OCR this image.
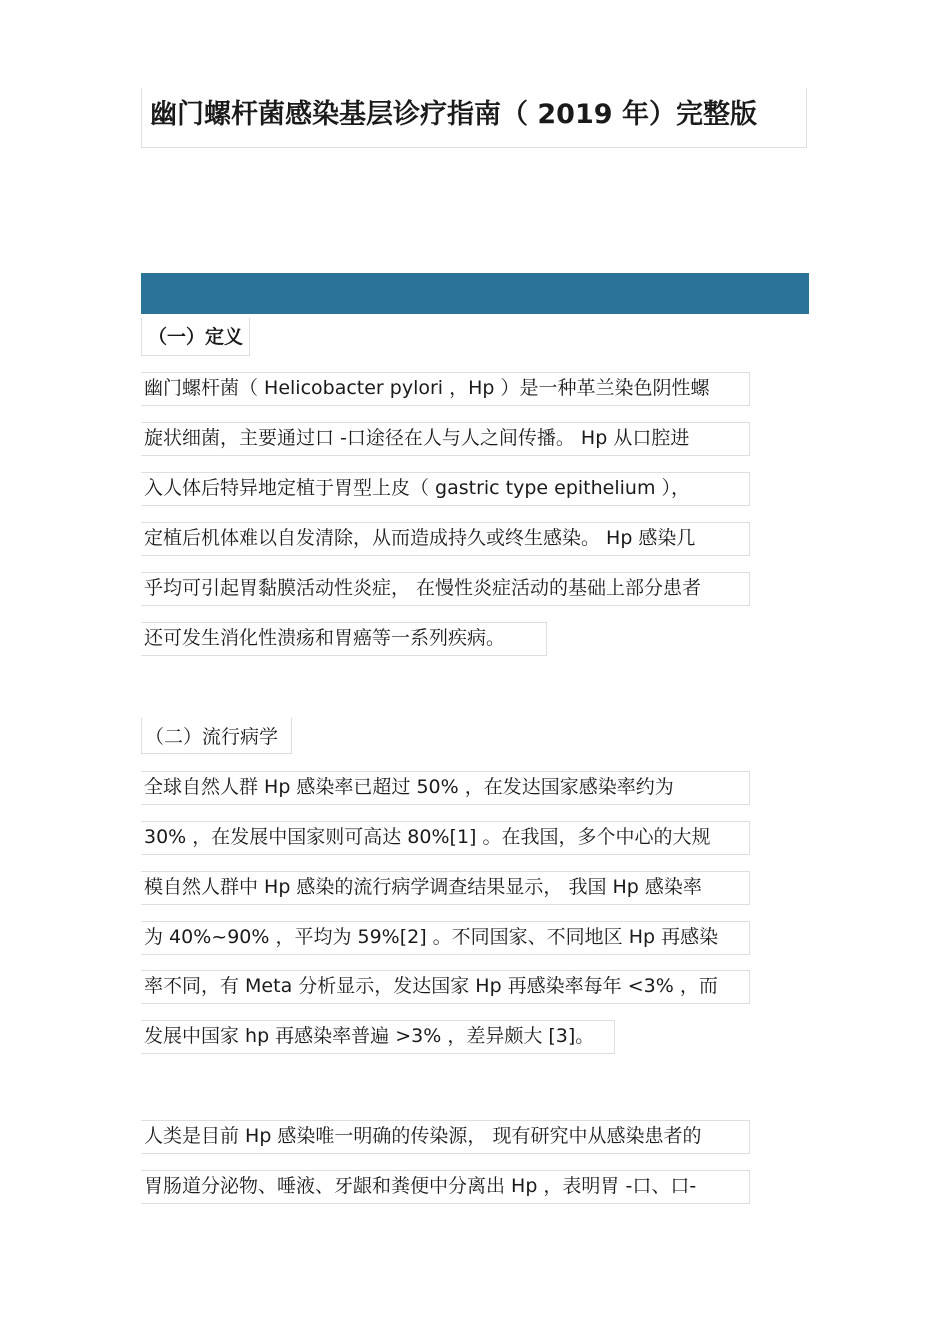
幽门螺杆菌感染基层诊疗指南（ 2019 年）完整版
（一）定义
幽门螺杆菌（ Helicobacter pylori ，Hp ）是一种革兰染色阴性螺
旋状细菌，主要通过口 -口途径在人与人之间传播。 Hp 从口腔进
入人体后特异地定植于胃型上皮（ gastric type epithelium ），
定植后机体难以自发清除，从而造成持久或终生感染。 Hp 感染几
乎均可引起胃黏膜活动性炎症， 在慢性炎症活动的基础上部分患者
还可发生消化性溃疡和胃癌等一系列疾病。
（二）流行病学
全球自然人群 Hp 感染率已超过 50% ，在发达国家感染率约为
30% ，在发展中国家则可高达 80%[1] 。在我国，多个中心的大规
模自然人群中 Hp 感染的流行病学调查结果显示， 我国 Hp 感染率
为 40%~90% ，平均为 59%[2] 。不同国家、不同地区 Hp 再感染
率不同，有 Meta 分析显示，发达国家 Hp 再感染率每年 <3% ，而
发展中国家 hp 再感染率普遍 >3% ，差异颇大 [3]。
人类是目前 Hp 感染唯一明确的传染源， 现有研究中从感染患者的
胃肠道分泌物、唾液、牙龈和粪便中分离出 Hp ，表明胃 -口、口-
